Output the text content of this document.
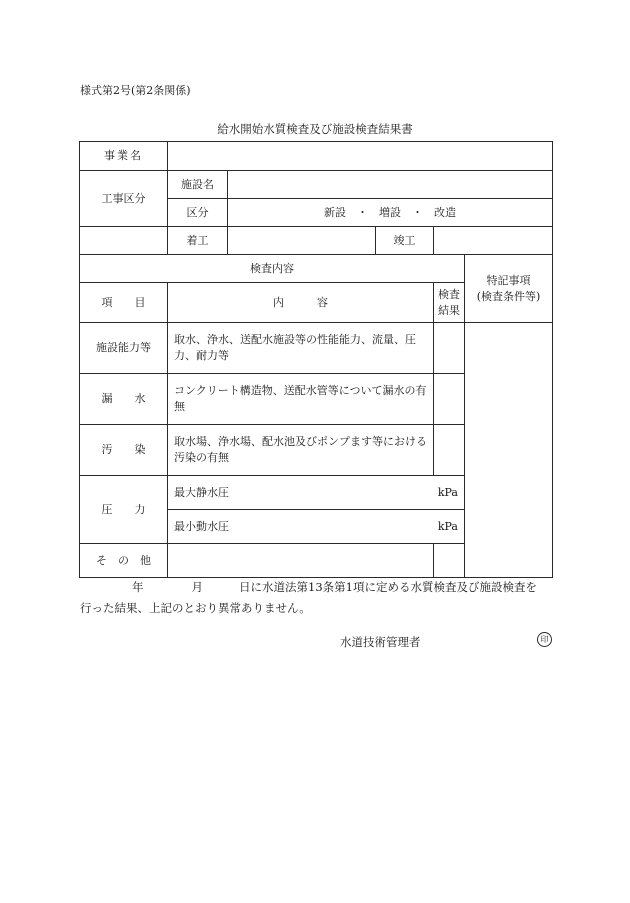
様式第2号(第2条関係)
給水開始水質検査及び施設検査結果書
事業名					
工事区分	施設名				
	区分	新設　・　増設　・　改造			
	着工		竣工		
検査内容					特記事項
(検査条件等)
項　　目	内　　　容			検査結果	
施設能力等	取水、浄水、送配水施設等の性能能力、流量、圧力、耐力等				
漏　　水	コンクリート構造物、送配水管等について漏水の有無				
汚　　染	取水場、浄水場、配水池及びポンプます等における汚染の有無				
圧　　力	最大静水圧 kPa				

	最小動水圧 kPa				

そ　の　他					
年	月	日に水道法第13条第1項に定める水質検査及び施設検査を
行った結果、上記のとおり異常ありません。
水道技術管理者	印
